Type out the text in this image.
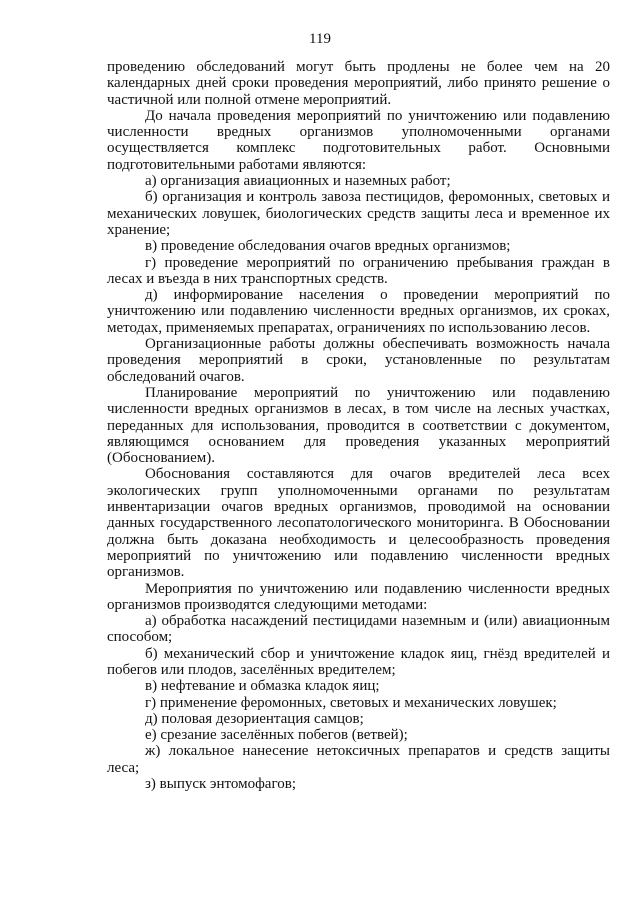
119

проведению обследований могут быть продлены не более чем на 20 календарных дней сроки проведения мероприятий, либо принято решение о частичной или полной отмене мероприятий.

До начала проведения мероприятий по уничтожению или подавлению численности вредных организмов уполномоченными органами осуществляется комплекс подготовительных работ. Основными подготовительными работами являются:

а) организация авиационных и наземных работ;

б) организация и контроль завоза пестицидов, феромонных, световых и механических ловушек, биологических средств защиты леса и временное их хранение;

в) проведение обследования очагов вредных организмов;

г) проведение мероприятий по ограничению пребывания граждан в лесах и въезда в них транспортных средств.

д) информирование населения о проведении мероприятий по уничтожению или подавлению численности вредных организмов, их сроках, методах, применяемых препаратах, ограничениях по использованию лесов.

Организационные работы должны обеспечивать возможность начала проведения мероприятий в сроки, установленные по результатам обследований очагов.

Планирование мероприятий по уничтожению или подавлению численности вредных организмов в лесах, в том числе на лесных участках, переданных для использования, проводится в соответствии с документом, являющимся основанием для проведения указанных мероприятий (Обоснованием).

Обоснования составляются для очагов вредителей леса всех экологических групп уполномоченными органами по результатам инвентаризации очагов вредных организмов, проводимой на основании данных государственного лесопатологического мониторинга. В Обосновании должна быть доказана необходимость и целесообразность проведения мероприятий по уничтожению или подавлению численности вредных организмов.

Мероприятия по уничтожению или подавлению численности вредных организмов производятся следующими методами:

а) обработка насаждений пестицидами наземным и (или) авиационным способом;

б) механический сбор и уничтожение кладок яиц, гнёзд вредителей и побегов или плодов, заселённых вредителем;

в) нефтевание и обмазка кладок яиц;

г) применение феромонных, световых и механических ловушек;

д) половая дезориентация самцов;

е) срезание заселённых побегов (ветвей);

ж) локальное нанесение нетоксичных препаратов и средств защиты леса;

з) выпуск энтомофагов;
